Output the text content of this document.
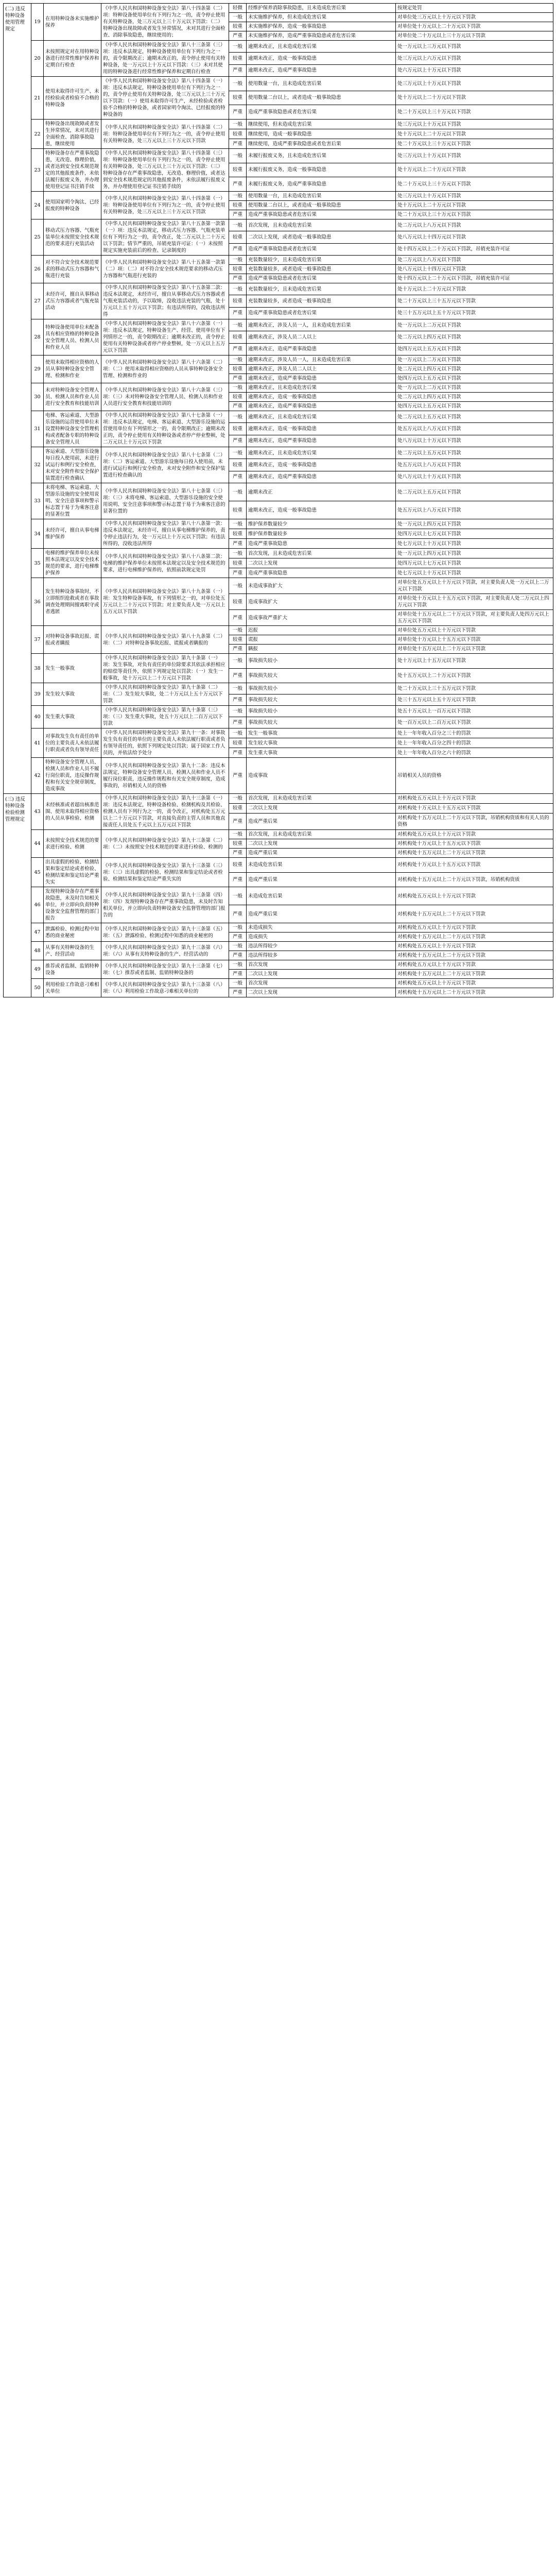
(二) 违反特种设备使用管理规定	19	在用特种设备未实施维护保养	《中华人民共和国特种设备安全法》第八十四条第（二）项：特种设备使用单位有下列行为之一的，责令停止使用有关特种设备，处三万元以上三十万元以下罚款：（二）特种设备出现故障或者发生异常情况，未对其进行全面检查、消除事故隐患，继续使用的；	轻微	经维护保养消除事故隐患，且未造成危害后果	按规定处罚
				一般	未实施维护保养，但未造成危害后果	对单位处三万元以上十万元以下罚款
				较重	未实施维护保养，造成一般事故隐患	对单位处十万元以上二十万元以下罚款
				严重	未实施维护保养，造成严重事故隐患或者危害后果	对单位处二十万元以上三十万元以下罚款
	20	未按照规定对在用特种设备进行经常性维护保养和定期自行检查	《中华人民共和国特种设备安全法》第八十三条第（三）项：违反本法规定，特种设备使用单位有下列行为之一的，责令限期改正；逾期未改正的，责令停止使用有关特种设备，处一万元以上十万元以下罚款：（三）未对其使用的特种设备进行经常性维护保养和定期自行检查	一般	逾期未改正，且未造成危害后果	处一万元以上三万元以下罚款
				较重	逾期未改正，造成一般事故隐患	处三万元以上六万元以下罚款
				严重	逾期未改正，造成严重事故隐患	处六万元以上十万元以下罚款
	21	使用未取得许可生产、未经检验或者检验不合格的特种设备	《中华人民共和国特种设备安全法》第八十四条第（一）项：违反本法规定，特种设备使用单位有下列行为之一的，责令停止使用有关特种设备，处三万元以上三十万元以下罚款：（一）使用未取得许可生产，未经检验或者检验不合格的特种设备，或者国家明令淘汰、已经报废的特种设备的	一般	使用数量一台，且未造成危害后果	处三万元以上十万元以下罚款
				较重	使用数量二台以上，或者造成一般事故隐患	处十万元以上二十万元以下罚款
				严重	造成严重事故隐患或者危害后果	处二十万元以上三十万元以下罚款
	22	特种设备出现故障或者发生异常情况，未对其进行全面检查、消除事故隐患，继续使用	《中华人民共和国特种设备安全法》第八十四条第（二）项：特种设备使用单位有下列行为之一的，责令停止使用有关特种设备，处三万元以上三十万元以下罚款	一般	继续使用，但未造成危害后果	处三万元以上十万元以下罚款
				较重	继续使用，造成一般事故隐患	处十万元以上二十万元以下罚款
				严重	继续使用，造成严重事故隐患或者危害后果	处二十万元以上三十万元以下罚款
	23	特种设备存在严重事故隐患，无改造、修理价值，或者达到安全技术规范规定的其他报废条件，未依法履行报废义务，并办理使用登记证书注销手续	《中华人民共和国特种设备安全法》第八十四条第（三）项：特种设备使用单位有下列行为之一的，责令停止使用有关特种设备，处三万元以上三十万元以下罚款：（三）特种设备存在严重事故隐患，无改造、修理价值，或者达到安全技术规范规定的其他报废条件，未依法履行报废义务，并办理使用登记证书注销手续的	一般	未履行报废义务，且未造成危害后果	处三万元以上十万元以下罚款
				较重	未履行报废义务，造成一般事故隐患	处十万元以上二十万元以下罚款
				严重	未履行报废义务，造成严重事故隐患	处二十万元以上三十万元以下罚款
	24	使用国家明令淘汰、已经报废的特种设备	《中华人民共和国特种设备安全法》第八十四条第（一）项：特种设备使用单位有下列行为之一的，责令停止使用有关特种设备，处三万元以上三十万元以下罚款	一般	使用数量一台，且未造成危害后果	处三万元以上十万元以下罚款
				较重	使用数量二台以上，或者造成一般事故隐患	处十万元以上二十万元以下罚款
				严重	造成严重事故隐患或者危害后果	处二十万元以上三十万元以下罚款
	25	移动式压力容器、气瓶充装单位未按照安全技术规范的要求进行充装活动	《中华人民共和国特种设备安全法》第八十五条第一款第（一）项：违反本法规定，移动式压力容器、气瓶充装单位有下列行为之一的，责令改正，处二万元以上二十万元以下罚款；情节严重的，吊销充装许可证：（一）未按照规定实施充装前后的检查、记录制度的	一般	首次发现，且未造成危害后果	处二万元以上八万元以下罚款
				较重	二次以上发现，或者造成一般事故隐患	处八万元以上十四万元以下罚款
				严重	造成严重事故隐患或者危害后果	处十四万元以上二十万元以下罚款，吊销充装许可证
	26	对不符合安全技术规范要求的移动式压力容器和气瓶进行充装	《中华人民共和国特种设备安全法》第八十五条第一款第（二）项：（二）对不符合安全技术规范要求的移动式压力容器和气瓶进行充装的	一般	充装数量较少，且未造成危害后果	处二万元以上八万元以下罚款
				较重	充装数量较多，或者造成一般事故隐患	处八万元以上十四万元以下罚款
				严重	造成严重事故隐患或者危害后果	处十四万元以上二十万元以下罚款，吊销充装许可证
	27	未经许可，擅自从事移动式压力容器或者气瓶充装活动	《中华人民共和国特种设备安全法》第八十五条第二款：违反本法规定，未经许可，擅自从事移动式压力容器或者气瓶充装活动的，予以取缔，没收违法充装的气瓶，处十万元以上五十万元以下罚款；有违法所得的，没收违法所得	一般	充装数量较少，且未造成危害后果	处十万元以上二十万元以下罚款
				较重	充装数量较多，或者造成一般事故隐患	处二十万元以上三十五万元以下罚款
				严重	造成严重事故隐患或者危害后果	处三十五万元以上五十万元以下罚款
	28	特种设备使用单位未配备具有相应资格的特种设备安全管理人员、检测人员和作业人员	《中华人民共和国特种设备安全法》第八十六条第（一）项：违反本法规定，特种设备生产、经营、使用单位有下列情形之一的，责令限期改正；逾期未改正的，责令停止使用有关特种设备或者停产停业整顿，处一万元以上五万元以下罚款	一般	逾期未改正，涉及人员一人，且未造成危害后果	处一万元以上二万元以下罚款
				较重	逾期未改正，涉及人员二人以上	处二万元以上四万元以下罚款
				严重	逾期未改正，造成严重事故隐患	处四万元以上五万元以下罚款
	29	使用未取得相应资格的人员从事特种设备安全管理、检测和作业	《中华人民共和国特种设备安全法》第八十六条第（二）项：（二）使用未取得相应资格的人员从事特种设备安全管理、检测和作业的	一般	逾期未改正，涉及人员一人，且未造成危害后果	处一万元以上二万元以下罚款
				较重	逾期未改正，涉及人员二人以上	处二万元以上四万元以下罚款
				严重	逾期未改正，造成严重事故隐患	处四万元以上五万元以下罚款
	30	未对特种设备安全管理人员、检测人员和作业人员进行安全教育和技能培训	《中华人民共和国特种设备安全法》第八十六条第（三）项：（三）未对特种设备安全管理人员、检测人员和作业人员进行安全教育和技能培训的	一般	逾期未改正，且未造成危害后果	处一万元以上二万元以下罚款
				较重	逾期未改正，造成一般事故隐患	处二万元以上四万元以下罚款
				严重	逾期未改正，造成严重事故隐患	处四万元以上五万元以下罚款
	31	电梯、客运索道、大型游乐设施的运营使用单位未设置特种设备安全管理机构或者配备专职的特种设备安全管理人员	《中华人民共和国特种设备安全法》第八十七条第（一）项：违反本法规定，电梯、客运索道、大型游乐设施的运营使用单位有下列情形之一的，责令限期改正；逾期未改正的，责令停止使用有关特种设备或者停产停业整顿，处二万元以上十万元以下罚款	一般	逾期未改正，且未造成危害后果	处二万元以上五万元以下罚款
				较重	逾期未改正，造成一般事故隐患	处五万元以上八万元以下罚款
				严重	逾期未改正，造成严重事故隐患	处八万元以上十万元以下罚款
	32	客运索道、大型游乐设施每日投入使用前，未进行试运行和例行安全检查，未对安全附件和安全保护装置进行检查确认	《中华人民共和国特种设备安全法》第八十七条第（二）项：（二）客运索道、大型游乐设施每日投入使用前，未进行试运行和例行安全检查，未对安全附件和安全保护装置进行检查确认的	一般	逾期未改正，且未造成危害后果	处二万元以上五万元以下罚款
				较重	逾期未改正，造成一般事故隐患	处五万元以上八万元以下罚款
				严重	逾期未改正，造成严重事故隐患	处八万元以上十万元以下罚款
	33	未将电梯、客运索道、大型游乐设施的安全使用说明、安全注意事项和警示标志置于易于为乘客注意的显著位置	《中华人民共和国特种设备安全法》第八十七条第（三）项：（三）未将电梯、客运索道、大型游乐设施的安全使用说明、安全注意事项和警示标志置于易于为乘客注意的显著位置的	一般	逾期未改正	处二万元以上五万元以下罚款
				较重	逾期未改正，造成一般事故隐患	处五万元以上八万元以下罚款
	34	未经许可，擅自从事电梯维护保养	《中华人民共和国特种设备安全法》第八十八条第一款：违反本法规定，未经许可，擅自从事电梯维护保养的，责令停止违法行为，处一万元以上十万元以下罚款；有违法所得的，没收违法所得	一般	维护保养数量较少	处一万元以上四万元以下罚款
				较重	维护保养数量较多	处四万元以上七万元以下罚款
				严重	造成严重事故隐患	处七万元以上十万元以下罚款
	35	电梯的维护保养单位未按照本法规定以及安全技术规范的要求，进行电梯维护保养	《中华人民共和国特种设备安全法》第八十八条第二款：电梯的维护保养单位未按照本法规定以及安全技术规范的要求，进行电梯维护保养的，依照前款规定处罚	一般	首次发现，且未造成危害后果	处一万元以上四万元以下罚款
				较重	二次以上发现	处四万元以上七万元以下罚款
				严重	造成严重事故隐患	处七万元以上十万元以下罚款
	36	发生特种设备事故时，不立即组织抢救或者在事故调查处理期间擅离职守或者逃匿	《中华人民共和国特种设备安全法》第八十九条第（一）项：发生特种设备事故，有下列情形之一的，对单位处五万元以上二十万元以下罚款；对主要负责人处一万元以上五万元以下罚款	一般	未造成事故扩大	对单位处五万元以上十万元以下罚款，对主要负责人处一万元以上二万元以下罚款
				较重	造成事故扩大	对单位处十万元以上十五万元以下罚款，对主要负责人处二万元以上四万元以下罚款
				严重	造成事故严重扩大	对单位处十五万元以上二十万元以下罚款，对主要负责人处四万元以上五万元以下罚款
	37	对特种设备事故迟报、谎报或者瞒报	《中华人民共和国特种设备安全法》第八十九条第（二）项：（二）对特种设备事故迟报、谎报或者瞒报的	一般	迟报	对单位处五万元以上十万元以下罚款
				较重	谎报	对单位处十万元以上十五万元以下罚款
				严重	瞒报	对单位处十五万元以上二十万元以下罚款
	38	发生一般事故	《中华人民共和国特种设备安全法》第九十条第（一）项：发生事故，对负有责任的单位除要求其依法承担相应的赔偿等责任外，依照下列规定处以罚款：（一）发生一般事故，处十万元以上二十万元以下罚款	一般	事故损失较小	处十万元以上十五万元以下罚款
				严重	事故损失较大	处十五万元以上二十万元以下罚款
	39	发生较大事故	《中华人民共和国特种设备安全法》第九十条第（二）项：（二）发生较大事故，处二十万元以上五十万元以下罚款	一般	事故损失较小	处二十万元以上三十五万元以下罚款
				严重	事故损失较大	处三十五万元以上五十万元以下罚款
	40	发生重大事故	《中华人民共和国特种设备安全法》第九十条第（三）项：（三）发生重大事故，处五十万元以上二百万元以下罚款	一般	事故损失较小	处五十万元以上一百万元以下罚款
				严重	事故损失较大	处一百万元以上二百万元以下罚款
	41	对事故发生负有责任的单位的主要负责人未依法履行职责或者负有领导责任	《中华人民共和国特种设备安全法》第九十一条：对事故发生负有责任的单位的主要负责人未依法履行职责或者负有领导责任的，依照下列规定处以罚款；属于国家工作人员的，并依法给予处分	一般	发生一般事故	处上一年年收入百分之三十的罚款
				较重	发生较大事故	处上一年年收入百分之四十的罚款
				严重	发生重大事故	处上一年年收入百分之六十的罚款
	42	特种设备安全管理人员、检测人员和作业人员不履行岗位职责，违反操作规程和有关安全规章制度，造成事故	《中华人民共和国特种设备安全法》第九十二条：违反本法规定，特种设备安全管理人员、检测人员和作业人员不履行岗位职责，违反操作规程和有关安全规章制度，造成事故的，吊销相关人员的资格	严重	造成事故	吊销相关人员的资格
(三) 违反特种设备检验检测管理规定	43	未经核准或者超出核准范围、使用未取得相应资格的人员从事检验、检测	《中华人民共和国特种设备安全法》第九十三条第（一）项：违反本法规定，特种设备检验、检测机构及其检验、检测人员有下列行为之一的，责令改正，对机构处五万元以上二十万元以下罚款，对直接负责的主管人员和其他直接责任人员处五千元以上五万元以下罚款	一般	首次发现，且未造成危害后果	对机构处五万元以上十万元以下罚款
				较重	二次以上发现	对机构处十万元以上十五万元以下罚款
				严重	造成严重后果	对机构处十五万元以上二十万元以下罚款，吊销机构资质和有关人员的资格
	44	未按照安全技术规范的要求进行检验、检测	《中华人民共和国特种设备安全法》第九十三条第（二）项：（二）未按照安全技术规范的要求进行检验、检测的	一般	首次发现，且未造成危害后果	对机构处五万元以上十万元以下罚款
				较重	二次以上发现	对机构处十万元以上十五万元以下罚款
				严重	造成严重后果	对机构处十五万元以上二十万元以下罚款
	45	出具虚假的检验、检测结果和鉴定结论或者检验、检测结果和鉴定结论严重失实	《中华人民共和国特种设备安全法》第九十三条第（三）项：（三）出具虚假的检验、检测结果和鉴定结论或者检验、检测结果和鉴定结论严重失实的	较重	未造成危害后果	对机构处十万元以上十五万元以下罚款
				严重	造成严重后果	对机构处十五万元以上二十万元以下罚款，吊销机构资质
	46	发现特种设备存在严重事故隐患，未及时告知相关单位，并立即向负责特种设备安全监督管理的部门报告	《中华人民共和国特种设备安全法》第九十三条第（四）项：（四）发现特种设备存在严重事故隐患，未及时告知相关单位，并立即向负责特种设备安全监督管理的部门报告的	一般	未造成危害后果	对机构处五万元以上十万元以下罚款
				严重	造成严重后果	对机构处十五万元以上二十万元以下罚款
	47	泄露检验、检测过程中知悉的商业秘密	《中华人民共和国特种设备安全法》第九十三条第（五）项：（五）泄露检验、检测过程中知悉的商业秘密的	一般	未造成损失	对机构处五万元以上十万元以下罚款
				严重	造成损失	对机构处十五万元以上二十万元以下罚款
	48	从事有关特种设备的生产、经营活动	《中华人民共和国特种设备安全法》第九十三条第（六）项：（六）从事有关特种设备的生产、经营活动的	一般	违法所得较少	对机构处五万元以上十万元以下罚款
				严重	违法所得较多	对机构处十五万元以上二十万元以下罚款
	49	推荐或者监制、监销特种设备	《中华人民共和国特种设备安全法》第九十三条第（七）项：（七）推荐或者监制、监销特种设备的	一般	首次发现	对机构处五万元以上十万元以下罚款
				严重	二次以上发现	对机构处十五万元以上二十万元以下罚款
	50	利用检验工作故意刁难相关单位	《中华人民共和国特种设备安全法》第九十三条第（八）项：（八）利用检验工作故意刁难相关单位的	一般	首次发现	对机构处五万元以上十万元以下罚款
				严重	二次以上发现	对机构处十五万元以上二十万元以下罚款
